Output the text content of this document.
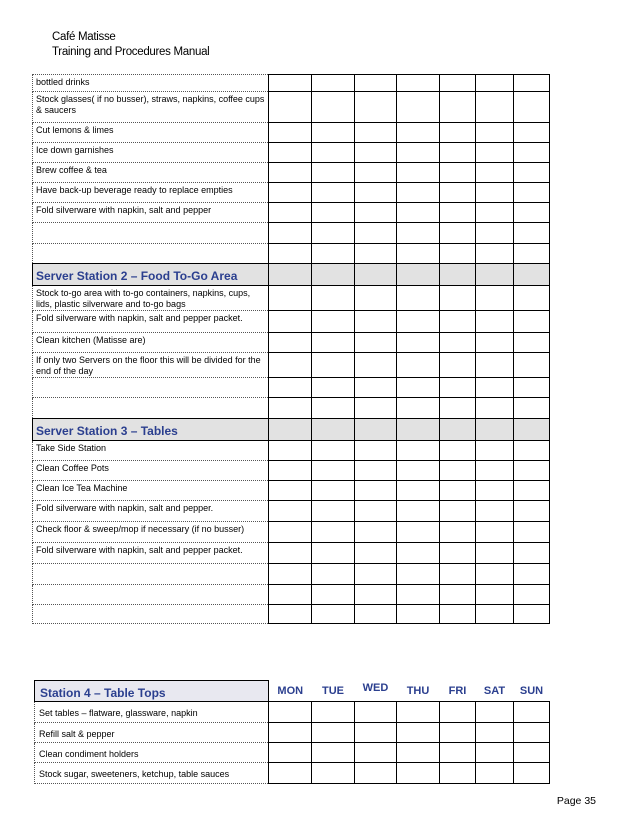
Café Matisse
Training and Procedures Manual
bottled drinks							

Stock glasses( if no busser), straws, napkins, coffee cups & saucers							

Cut lemons & limes							

Ice down garnishes							

Brew coffee & tea							

Have back-up beverage ready to replace empties							

Fold silverware with napkin, salt and pepper							

Server Station 2 – Food To-Go Area							

Stock to-go area with to-go containers, napkins, cups, lids, plastic silverware and to-go bags							

Fold silverware with napkin, salt and pepper packet.							

Clean kitchen (Matisse are)							

If only two Servers on the floor this will be divided for the end of the day							

Server Station 3 – Tables							

Take Side Station							

Clean Coffee Pots							

Clean Ice Tea Machine							

Fold silverware with napkin, salt and pepper.							

Check floor & sweep/mop if necessary (if no busser)							

Fold silverware with napkin, salt and pepper packet.							

Station 4 – Table Tops	MON	TUE	WED	THU	FRI	SAT	SUN

Set tables – flatware, glassware, napkin							

Refill salt & pepper							

Clean condiment holders							

Stock sugar, sweeteners, ketchup, table sauces							

Page 35
